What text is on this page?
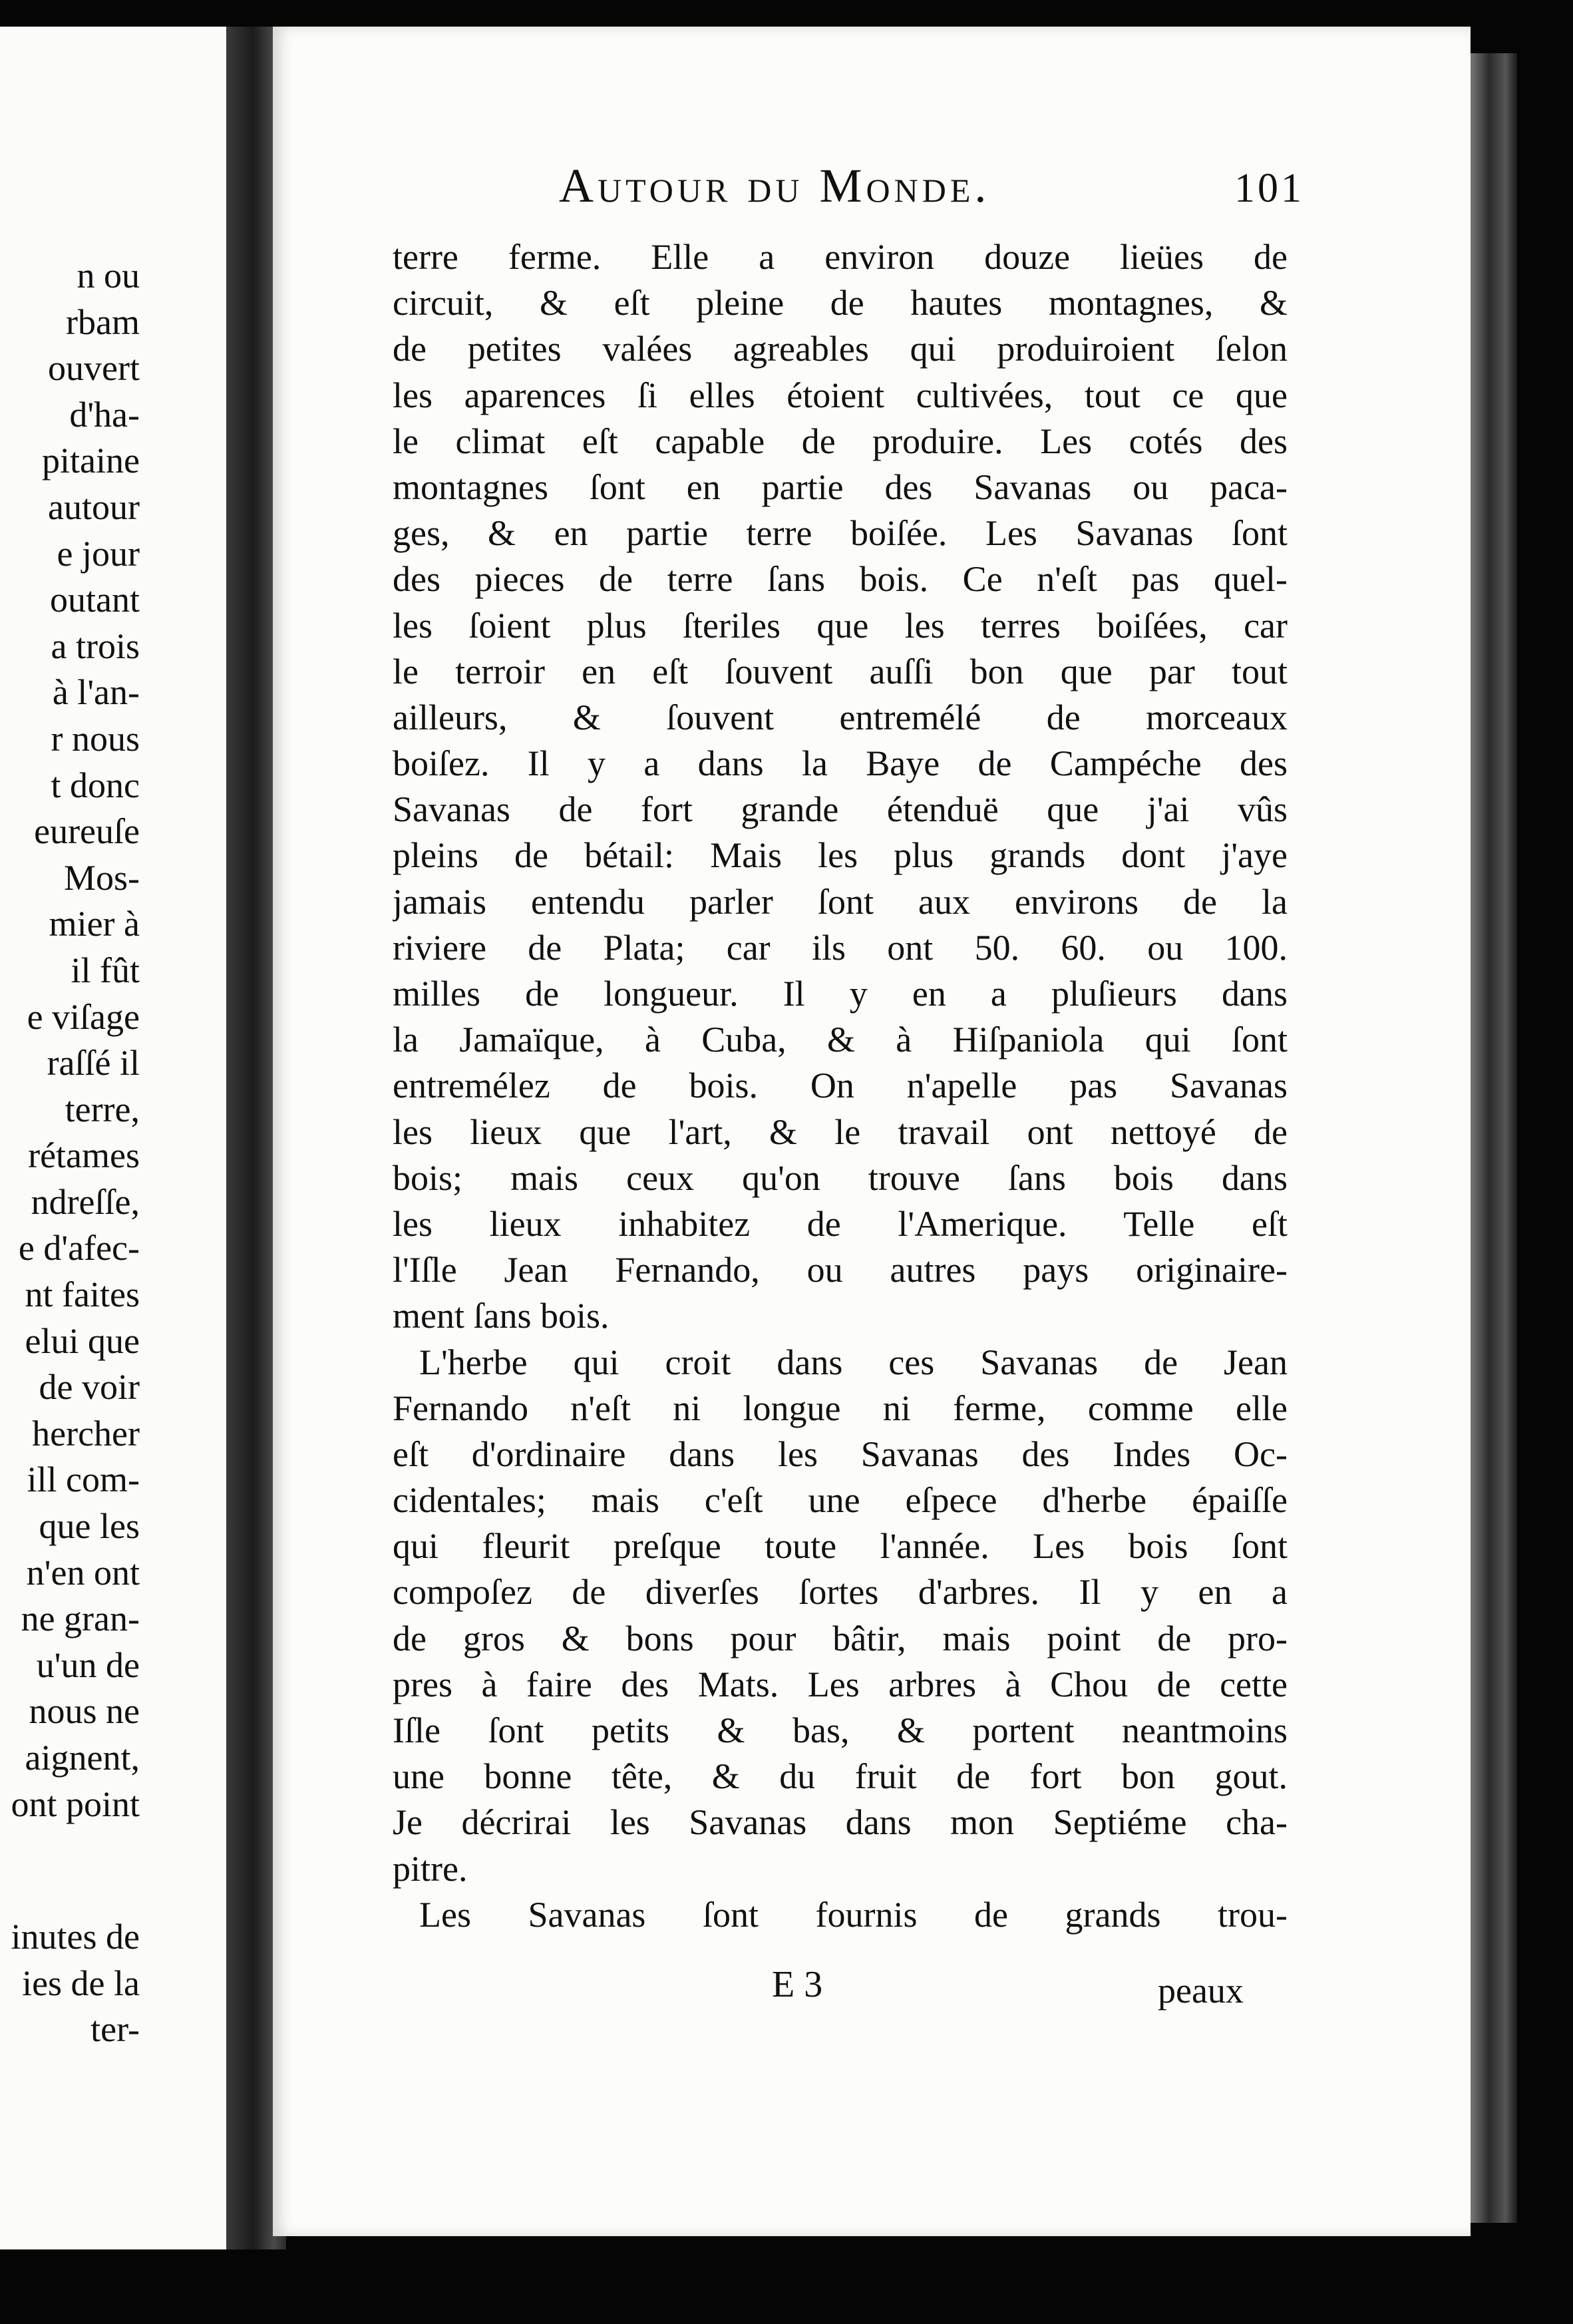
n ou
rbam
ouvert
d'ha-
pitaine
autour
e jour
outant
a trois
à l'an-
r nous
t donc
eureuſe
Mos-
mier à
il fût
e viſage
raſſé il
terre,
rétames
ndreſſe,
e d'afec-
nt faites
elui que
de voir
hercher
ill com-
que les
n'en ont
ne gran-
u'un de
nous ne
aignent,
ont point
inutes de
ies de la
ter-
Autour du Monde.	101
terre ferme. Elle a environ douze lieües de
circuit, & eſt pleine de hautes montagnes, &
de petites valées agreables qui produiroient ſelon
les aparences ſi elles étoient cultivées, tout ce que
le climat eſt capable de produire. Les cotés des
montagnes ſont en partie des Savanas ou paca-
ges, & en partie terre boiſée. Les Savanas ſont
des pieces de terre ſans bois. Ce n'eſt pas quel-
les ſoient plus ſteriles que les terres boiſées, car
le terroir en eſt ſouvent auſſi bon que par tout
ailleurs, & ſouvent entremélé de morceaux
boiſez. Il y a dans la Baye de Campéche des
Savanas de fort grande étenduë que j'ai vûs
pleins de bétail: Mais les plus grands dont j'aye
jamais entendu parler ſont aux environs de la
riviere de Plata; car ils ont 50. 60. ou 100.
milles de longueur. Il y en a pluſieurs dans
la Jamaïque, à Cuba, & à Hiſpaniola qui ſont
entremélez de bois. On n'apelle pas Savanas
les lieux que l'art, & le travail ont nettoyé de
bois; mais ceux qu'on trouve ſans bois dans
les lieux inhabitez de l'Amerique. Telle eſt
l'Iſle Jean Fernando, ou autres pays originaire-
ment ſans bois.
L'herbe qui croit dans ces Savanas de Jean
Fernando n'eſt ni longue ni ferme, comme elle
eſt d'ordinaire dans les Savanas des Indes Oc-
cidentales; mais c'eſt une eſpece d'herbe épaiſſe
qui fleurit preſque toute l'année. Les bois ſont
compoſez de diverſes ſortes d'arbres. Il y en a
de gros & bons pour bâtir, mais point de pro-
pres à faire des Mats. Les arbres à Chou de cette
Iſle ſont petits & bas, & portent neantmoins
une bonne tête, & du fruit de fort bon gout.
Je décrirai les Savanas dans mon Septiéme cha-
pitre.
Les Savanas ſont fournis de grands trou-
E 3	peaux
